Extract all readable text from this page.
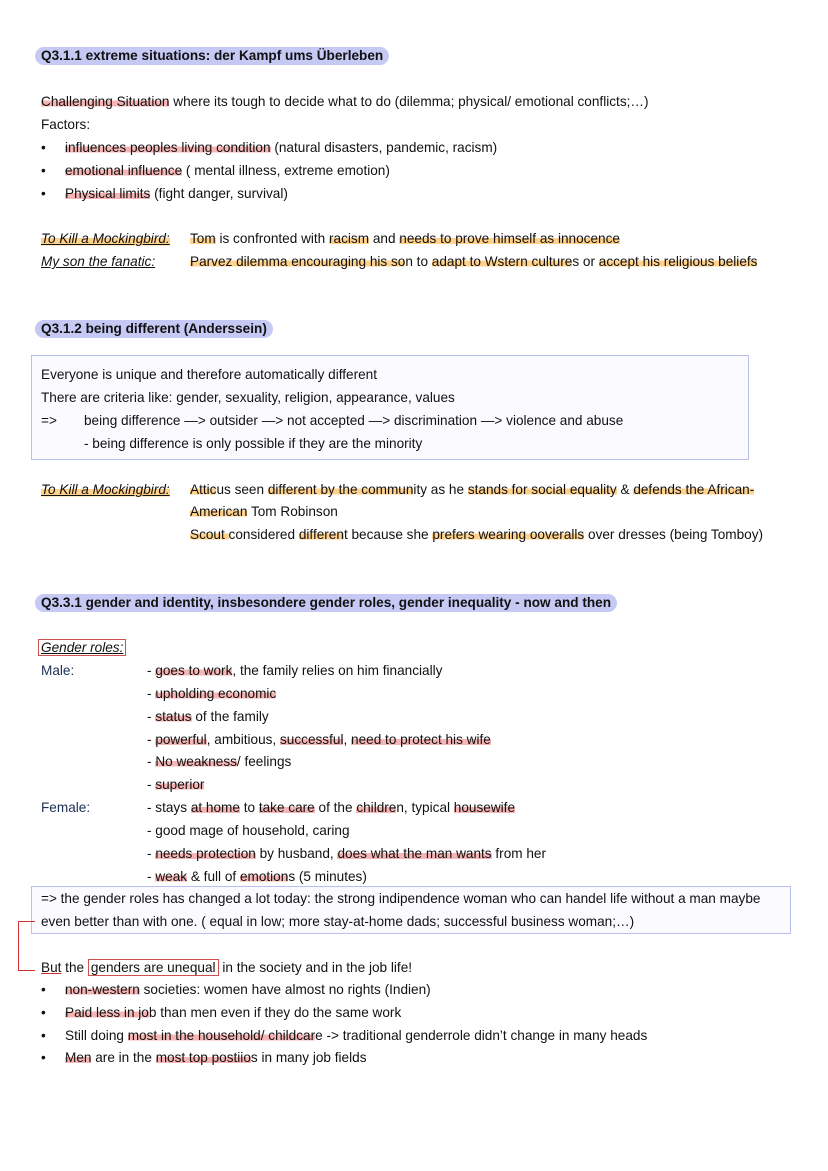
Q3.1.1 extreme situations: der Kampf ums Überleben
Challenging Situation where its tough to decide what to do (dilemma; physical/ emotional conflicts;…)
Factors:
• influences peoples living condition (natural disasters, pandemic, racism)
• emotional influence ( mental illness, extreme emotion)
• Physical limits (fight danger, survival)
To Kill a Mockingbird: Tom is confronted with racism and needs to prove himself as innocence
My son the fanatic:	Parvez dilemma encouraging his son to adapt to Wstern cultures or accept his religious beliefs
Q3.1.2 being different (Anderssein)
Everyone is unique and therefore automatically different
There are criteria like: gender, sexuality, religion, appearance, values
=> being difference —> outsider —> not accepted —> discrimination —> violence and abuse
- being difference is only possible if they are the minority
To Kill a Mockingbird: Atticus seen different by the community as he stands for social equality & defends the African-
American Tom Robinson
Scout considered different because she prefers wearing ooveralls over dresses (being Tomboy)
Q3.3.1 gender and identity, insbesondere gender roles, gender inequality - now and then
Gender roles:
Male:	- goes to work, the family relies on him financially
- upholding economic
- status of the family
- powerful, ambitious, successful, need to protect his wife
- No weakness/ feelings
- superior
Female:	- stays at home to take care of the children, typical housewife
- good mage of household, caring
- needs protection by husband, does what the man wants from her
- weak & full of emotions (5 minutes)
=> the gender roles has changed a lot today: the strong indipendence woman who can handel life without a man maybe
even better than with one. ( equal in low; more stay-at-home dads; successful business woman;…)
But the genders are unequal in the society and in the job life!
• non-western societies: women have almost no rights (Indien)
• Paid less in job than men even if they do the same work
• Still doing most in the household/ childcare -> traditional genderrole didn’t change in many heads
• Men are in the most top postiios in many job fields
